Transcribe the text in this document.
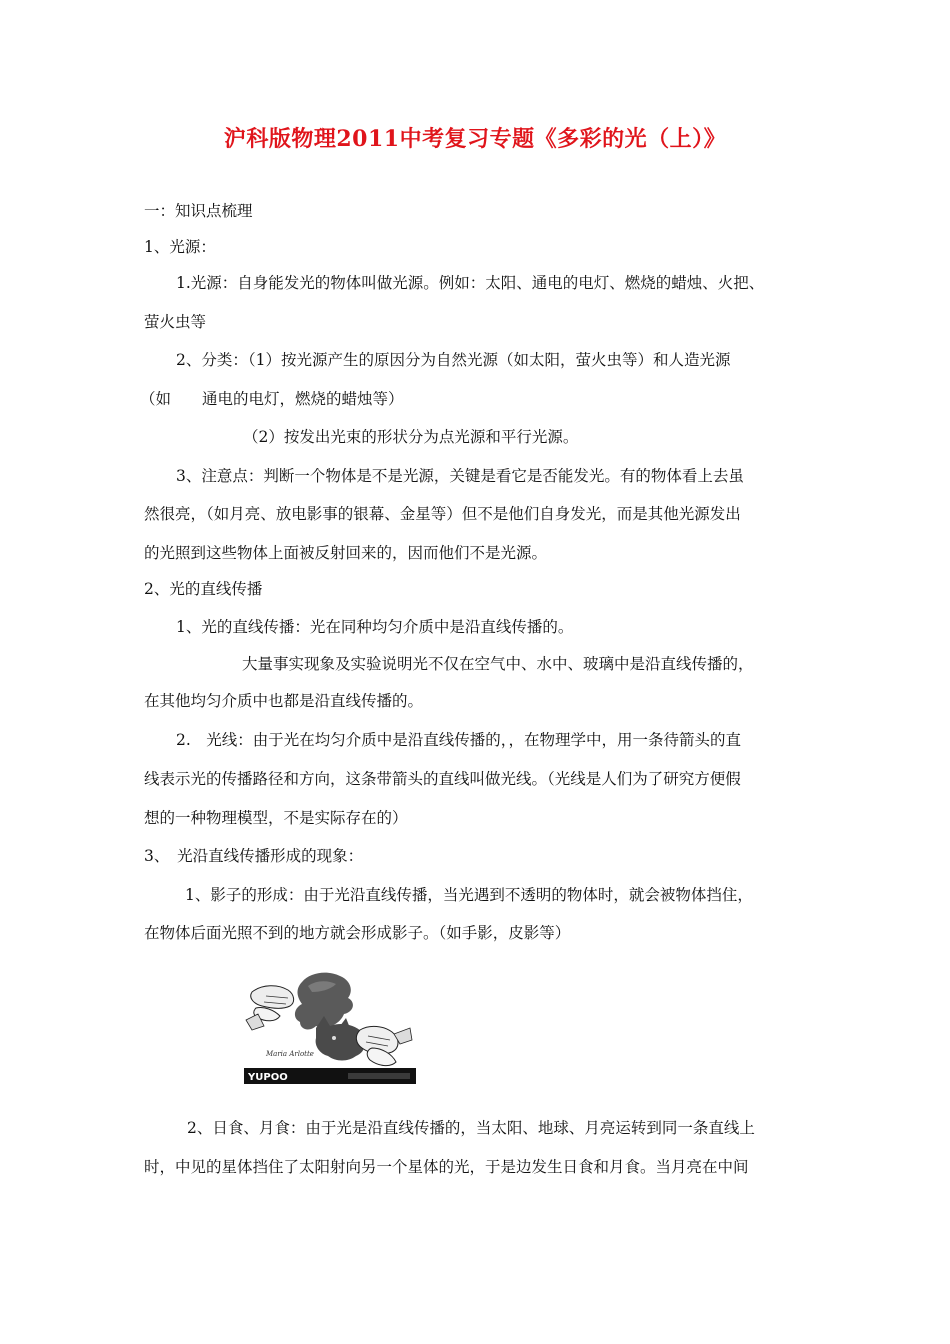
沪科版物理2011中考复习专题《多彩的光（上）》
一：知识点梳理
1、光源：
1.光源：自身能发光的物体叫做光源。例如：太阳、通电的电灯、燃烧的蜡烛、火把、
萤火虫等
2、分类：（1）按光源产生的原因分为自然光源（如太阳，萤火虫等）和人造光源
（如　　通电的电灯，燃烧的蜡烛等）
（2）按发出光束的形状分为点光源和平行光源。
3、注意点：判断一个物体是不是光源，关键是看它是否能发光。有的物体看上去虽
然很亮，（如月亮、放电影事的银幕、金星等）但不是他们自身发光，而是其他光源发出
的光照到这些物体上面被反射回来的，因而他们不是光源。
2、光的直线传播
1、光的直线传播：光在同种均匀介质中是沿直线传播的。
大量事实现象及实验说明光不仅在空气中、水中、玻璃中是沿直线传播的，
在其他均匀介质中也都是沿直线传播的。
2.　光线：由于光在均匀介质中是沿直线传播的，，在物理学中，用一条待箭头的直
线表示光的传播路径和方向，这条带箭头的直线叫做光线。（光线是人们为了研究方便假
想的一种物理模型，不是实际存在的）
3、　光沿直线传播形成的现象：
1、影子的形成：由于光沿直线传播，当光遇到不透明的物体时，就会被物体挡住，
在物体后面光照不到的地方就会形成影子。（如手影，皮影等）
Maria Arlotte
YUPOO
2、日食、月食：由于光是沿直线传播的，当太阳、地球、月亮运转到同一条直线上
时，中见的星体挡住了太阳射向另一个星体的光，于是边发生日食和月食。当月亮在中间
